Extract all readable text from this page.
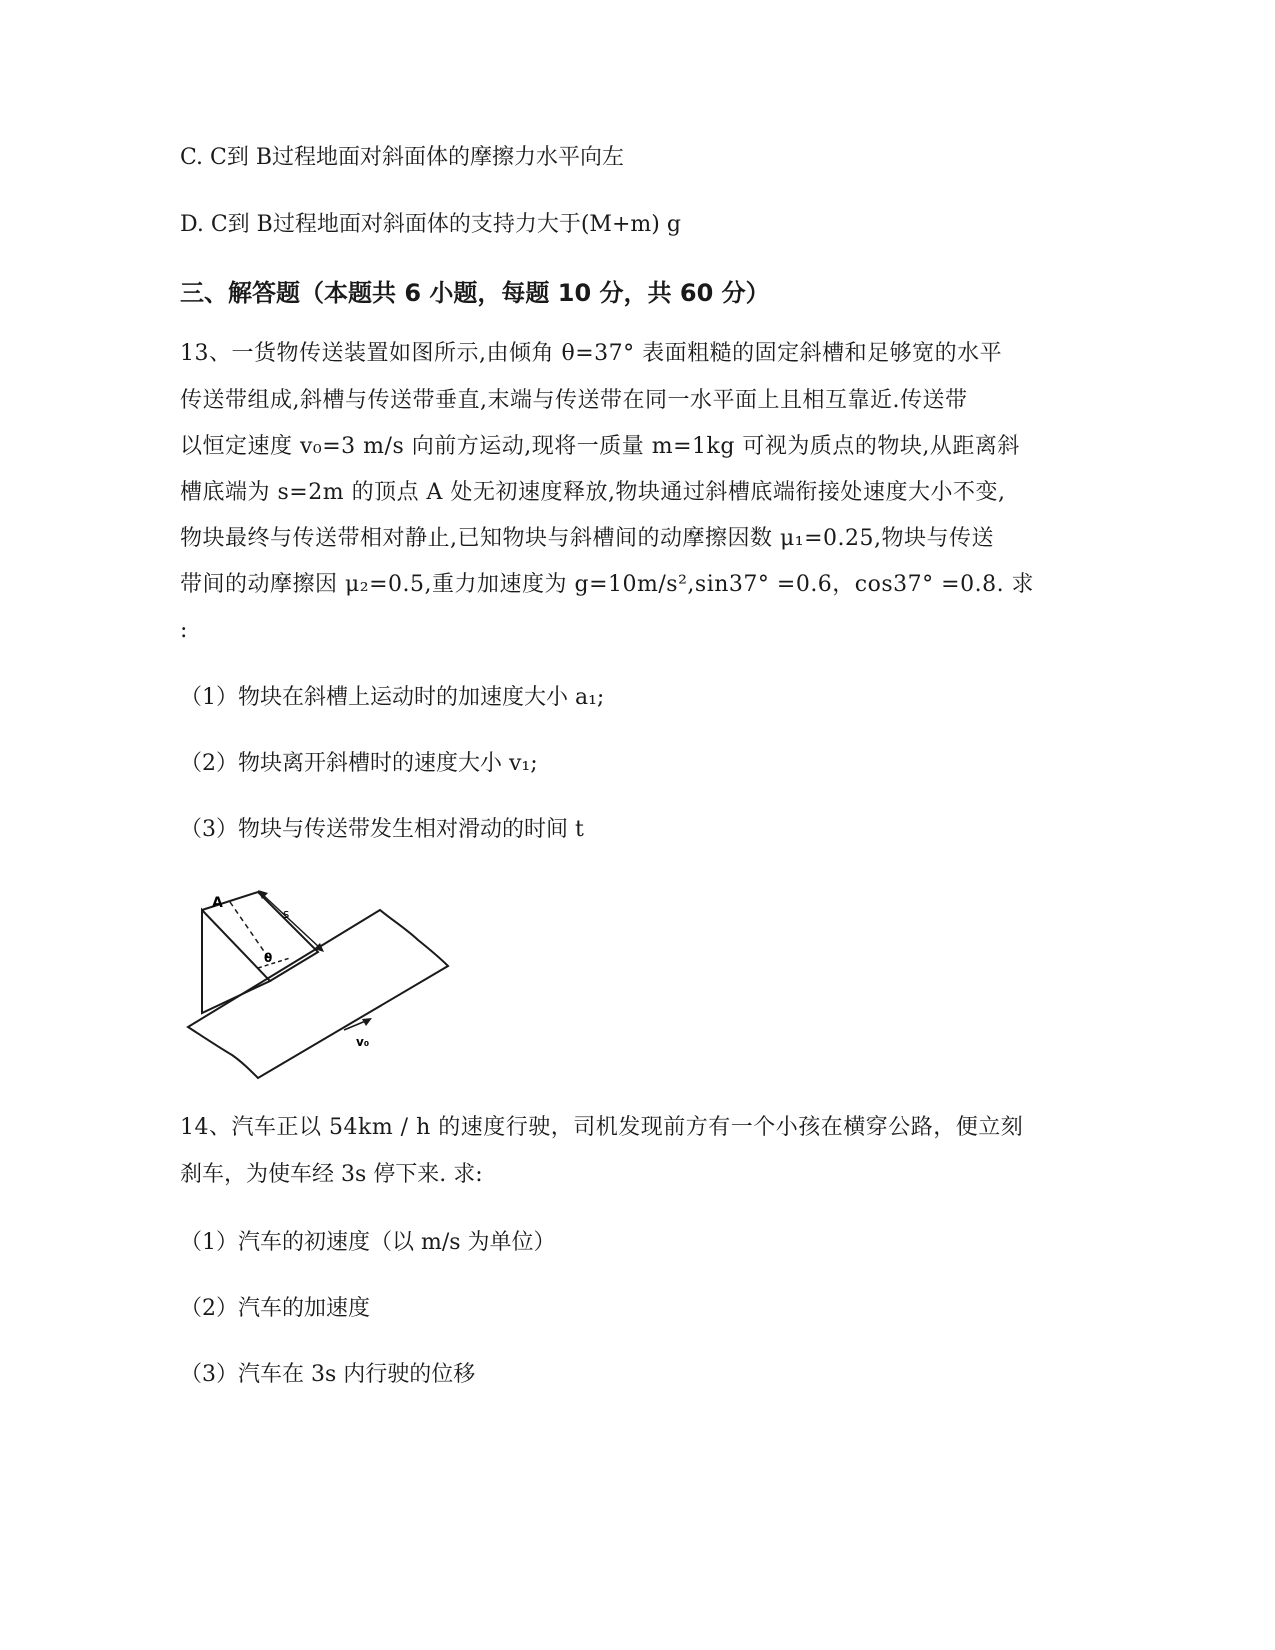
C. C到 B过程地面对斜面体的摩擦力水平向左
D. C到 B过程地面对斜面体的支持力大于(M+m) g
三、解答题（本题共 6 小题，每题 10 分，共 60 分）
13、一货物传送装置如图所示,由倾角 θ=37° 表面粗糙的固定斜槽和足够宽的水平
传送带组成,斜槽与传送带垂直,末端与传送带在同一水平面上且相互靠近.传送带
以恒定速度 v₀=3 m/s 向前方运动,现将一质量 m=1kg 可视为质点的物块,从距离斜
槽底端为 s=2m 的顶点 A 处无初速度释放,物块通过斜槽底端衔接处速度大小不变,
物块最终与传送带相对静止,已知物块与斜槽间的动摩擦因数 μ₁=0.25,物块与传送
带间的动摩擦因 μ₂=0.5,重力加速度为 g=10m/s²,sin37° =0.6，cos37° =0.8. 求
:
（1）物块在斜槽上运动时的加速度大小 a₁;
（2）物块离开斜槽时的速度大小 v₁;
（3）物块与传送带发生相对滑动的时间 t
A
s
θ
v₀
14、汽车正以 54km / h 的速度行驶，司机发现前方有一个小孩在横穿公路，便立刻
刹车，为使车经 3s 停下来. 求:
（1）汽车的初速度（以 m/s 为单位）
（2）汽车的加速度
（3）汽车在 3s 内行驶的位移
